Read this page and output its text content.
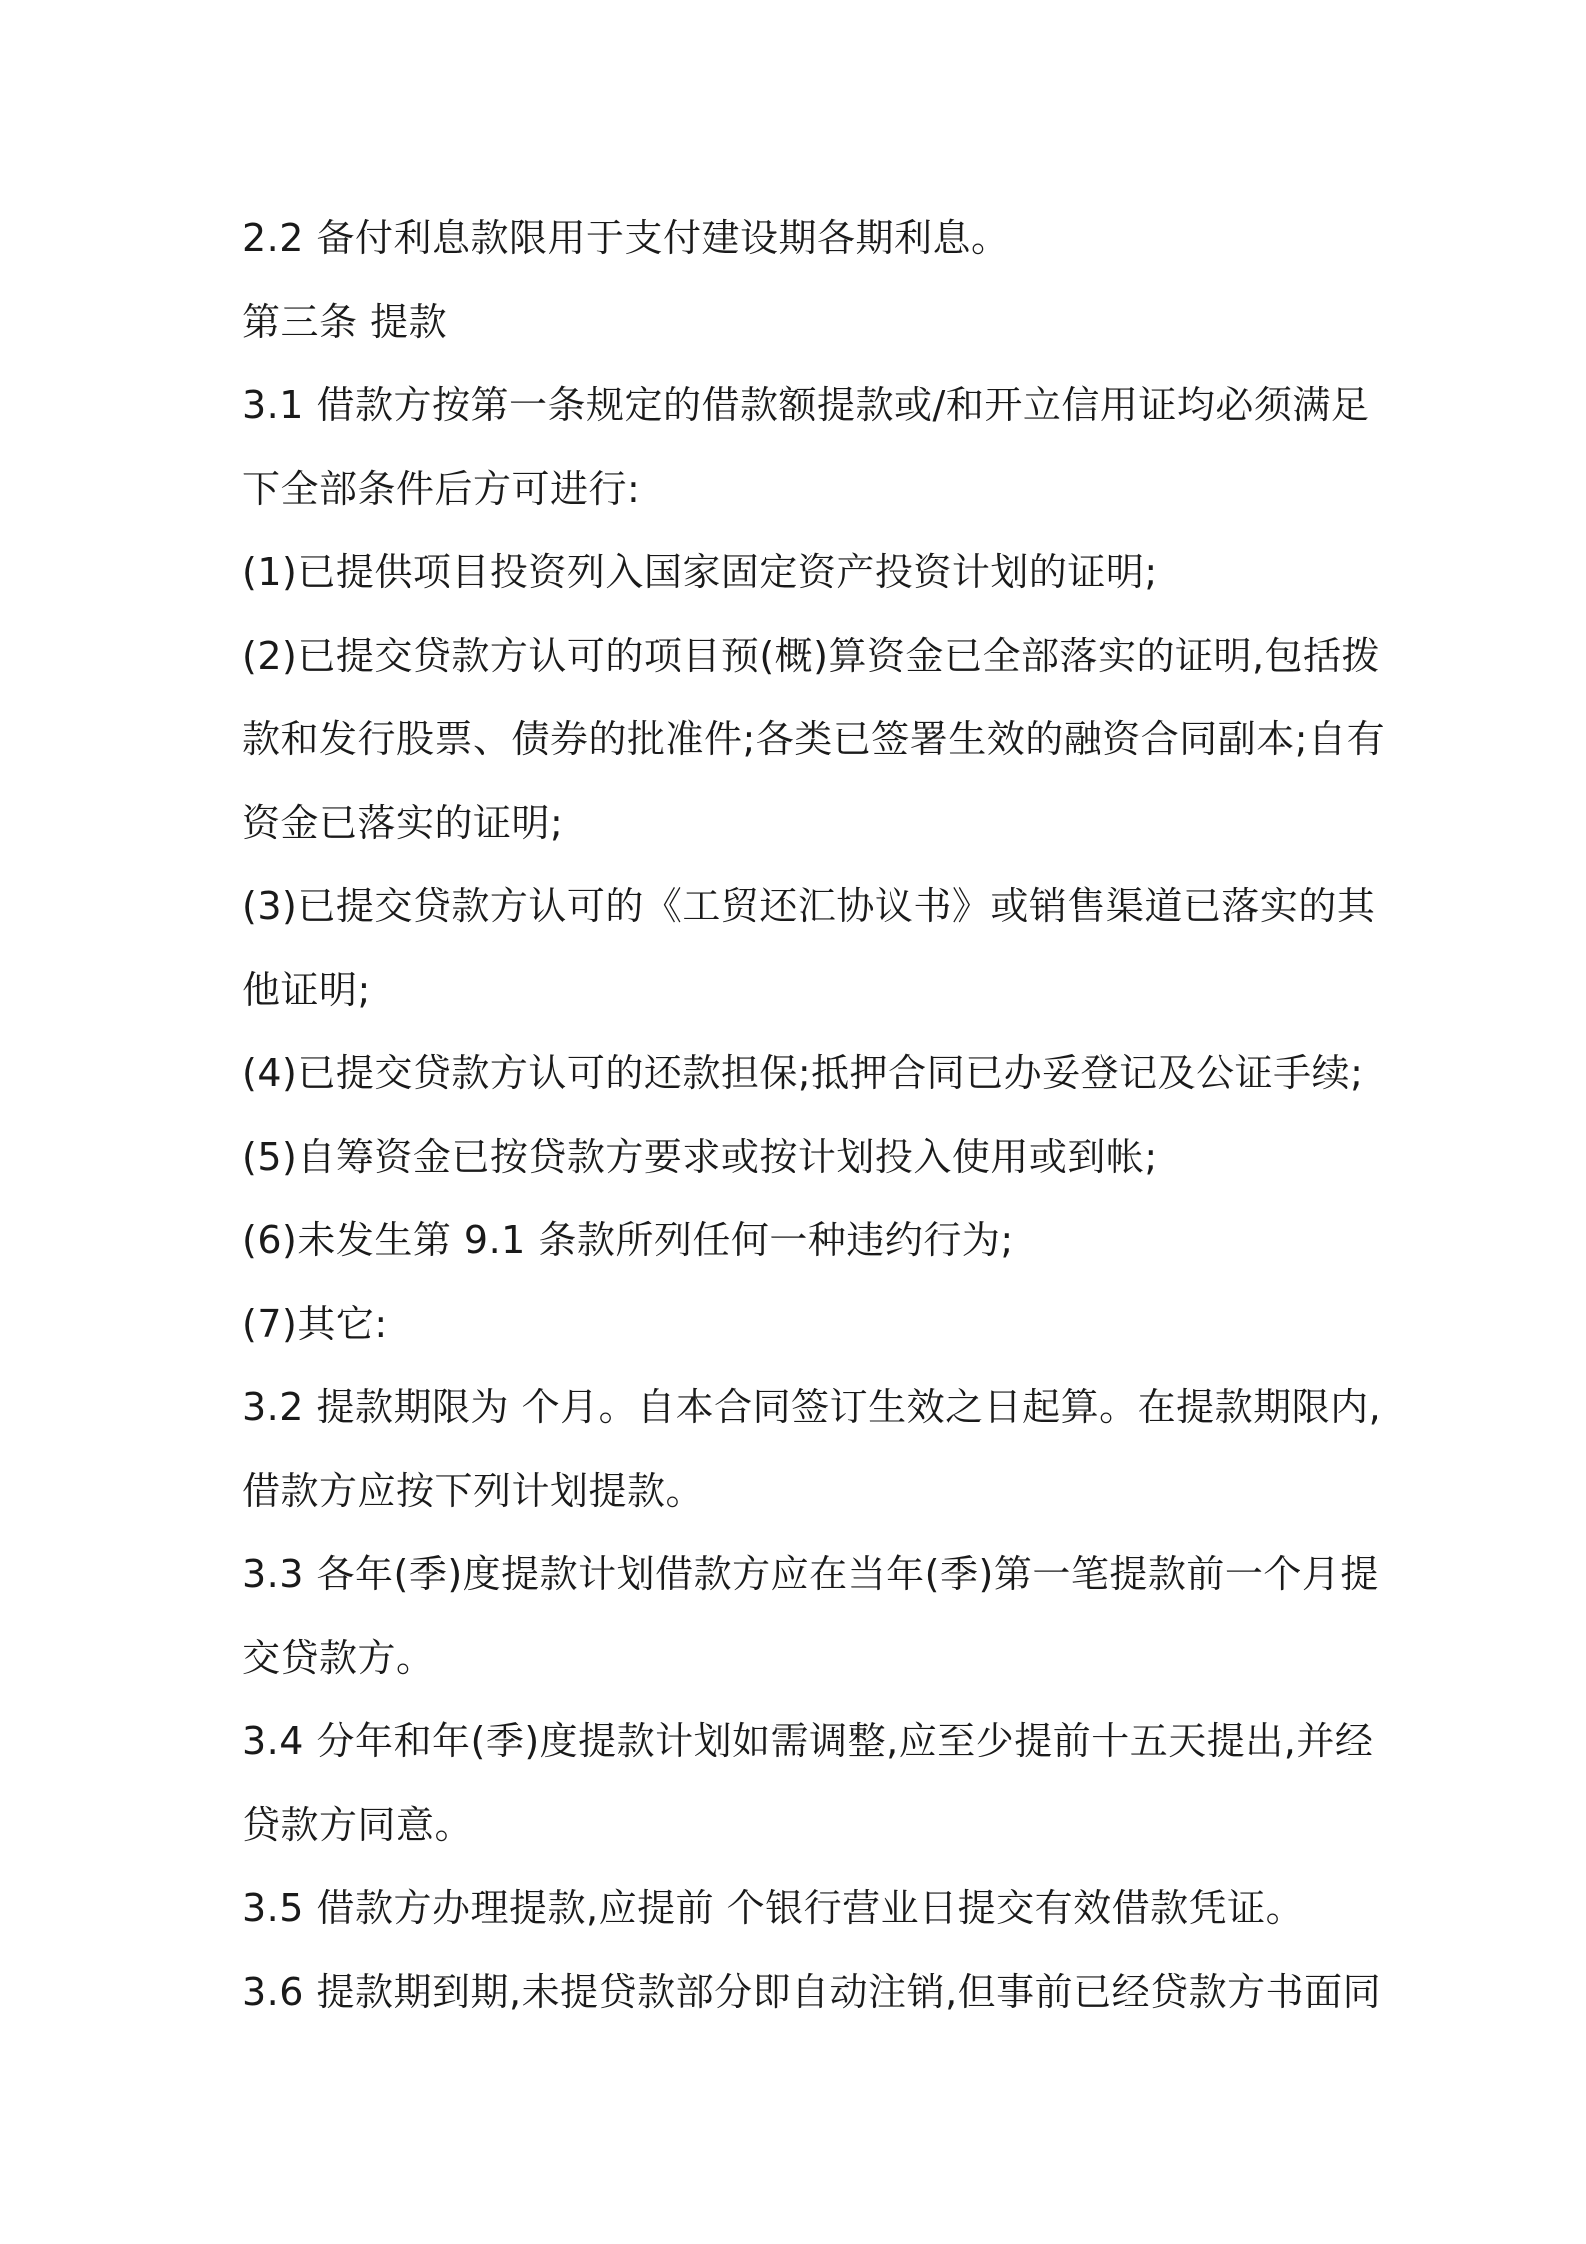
2.2 备付利息款限用于支付建设期各期利息。
第三条 提款
3.1 借款方按第一条规定的借款额提款或/和开立信用证均必须满足
下全部条件后方可进行:
(1)已提供项目投资列入国家固定资产投资计划的证明;
(2)已提交贷款方认可的项目预(概)算资金已全部落实的证明,包括拨
款和发行股票、债券的批准件;各类已签署生效的融资合同副本;自有
资金已落实的证明;
(3)已提交贷款方认可的《工贸还汇协议书》或销售渠道已落实的其
他证明;
(4)已提交贷款方认可的还款担保;抵押合同已办妥登记及公证手续;
(5)自筹资金已按贷款方要求或按计划投入使用或到帐;
(6)未发生第 9.1 条款所列任何一种违约行为;
(7)其它:
3.2 提款期限为 个月。自本合同签订生效之日起算。在提款期限内,
借款方应按下列计划提款。
3.3 各年(季)度提款计划借款方应在当年(季)第一笔提款前一个月提
交贷款方。
3.4 分年和年(季)度提款计划如需调整,应至少提前十五天提出,并经
贷款方同意。
3.5 借款方办理提款,应提前 个银行营业日提交有效借款凭证。
3.6 提款期到期,未提贷款部分即自动注销,但事前已经贷款方书面同
